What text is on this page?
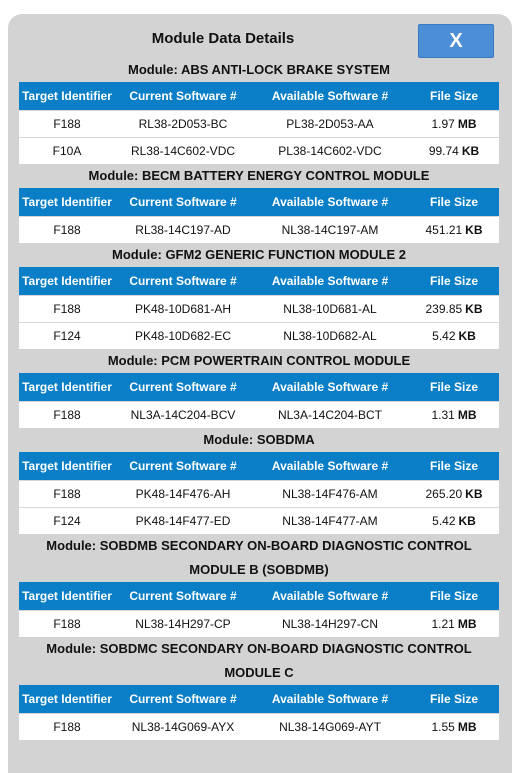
Module Data Details	X
Module: ABS ANTI-LOCK BRAKE SYSTEM
Target Identifier	Current Software #	Available Software #	File Size
F188	RL38-2D053-BC	PL38-2D053-AA	1.97 MB
F10A	RL38-14C602-VDC	PL38-14C602-VDC	99.74 KB
Module: BECM BATTERY ENERGY CONTROL MODULE
Target Identifier	Current Software #	Available Software #	File Size
F188	RL38-14C197-AD	NL38-14C197-AM	451.21 KB
Module: GFM2 GENERIC FUNCTION MODULE 2
Target Identifier	Current Software #	Available Software #	File Size
F188	PK48-10D681-AH	NL38-10D681-AL	239.85 KB
F124	PK48-10D682-EC	NL38-10D682-AL	5.42 KB
Module: PCM POWERTRAIN CONTROL MODULE
Target Identifier	Current Software #	Available Software #	File Size
F188	NL3A-14C204-BCV	NL3A-14C204-BCT	1.31 MB
Module: SOBDMA
Target Identifier	Current Software #	Available Software #	File Size
F188	PK48-14F476-AH	NL38-14F476-AM	265.20 KB
F124	PK48-14F477-ED	NL38-14F477-AM	5.42 KB
Module: SOBDMB SECONDARY ON-BOARD DIAGNOSTIC CONTROL MODULE B (SOBDMB)
Target Identifier	Current Software #	Available Software #	File Size
F188	NL38-14H297-CP	NL38-14H297-CN	1.21 MB
Module: SOBDMC SECONDARY ON-BOARD DIAGNOSTIC CONTROL MODULE C
Target Identifier	Current Software #	Available Software #	File Size
F188	NL38-14G069-AYX	NL38-14G069-AYT	1.55 MB
